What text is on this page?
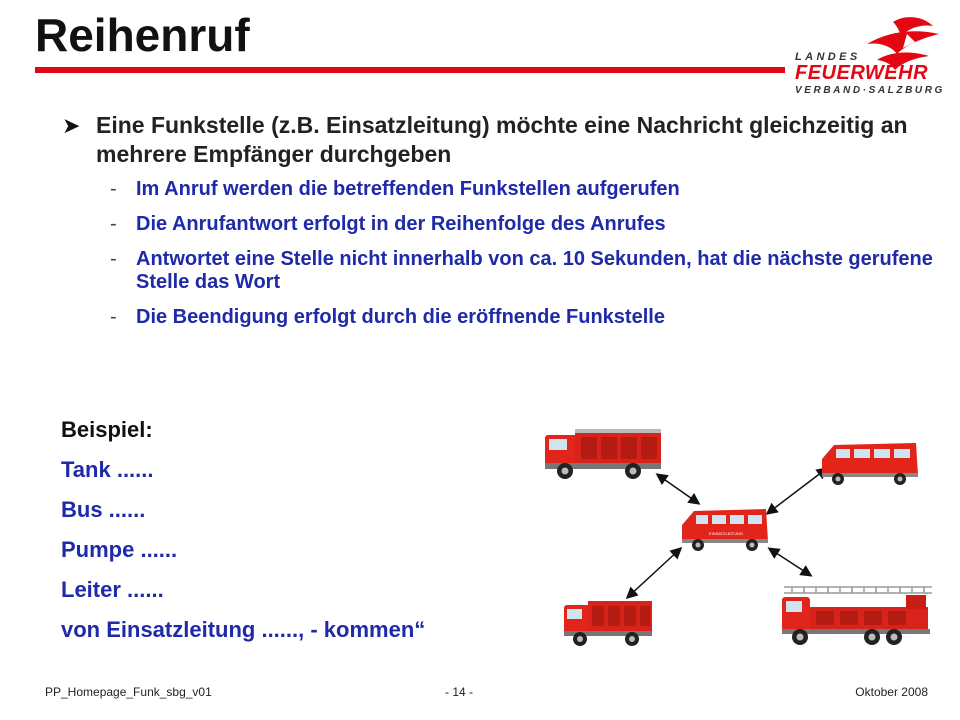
Reihenruf	LANDES
FEUERWEHR
VERBAND·SALZBURG
➤ Eine Funkstelle (z.B. Einsatzleitung) möchte eine Nachricht gleichzeitig an mehrere Empfänger durchgeben
- Im Anruf werden die betreffenden Funkstellen aufgerufen
- Die Anrufantwort erfolgt in der Reihenfolge des Anrufes
- Antwortet eine Stelle nicht innerhalb von ca. 10 Sekunden, hat die nächste gerufene Stelle das Wort
- Die Beendigung erfolgt durch die eröffnende Funkstelle
Beispiel:
Tank ......
Bus ......
Pumpe ......
Leiter ......
von Einsatzleitung ......, - kommen“
EINSATZLEITUNG
PP_Homepage_Funk_sbg_v01	- 14 -	Oktober 2008
